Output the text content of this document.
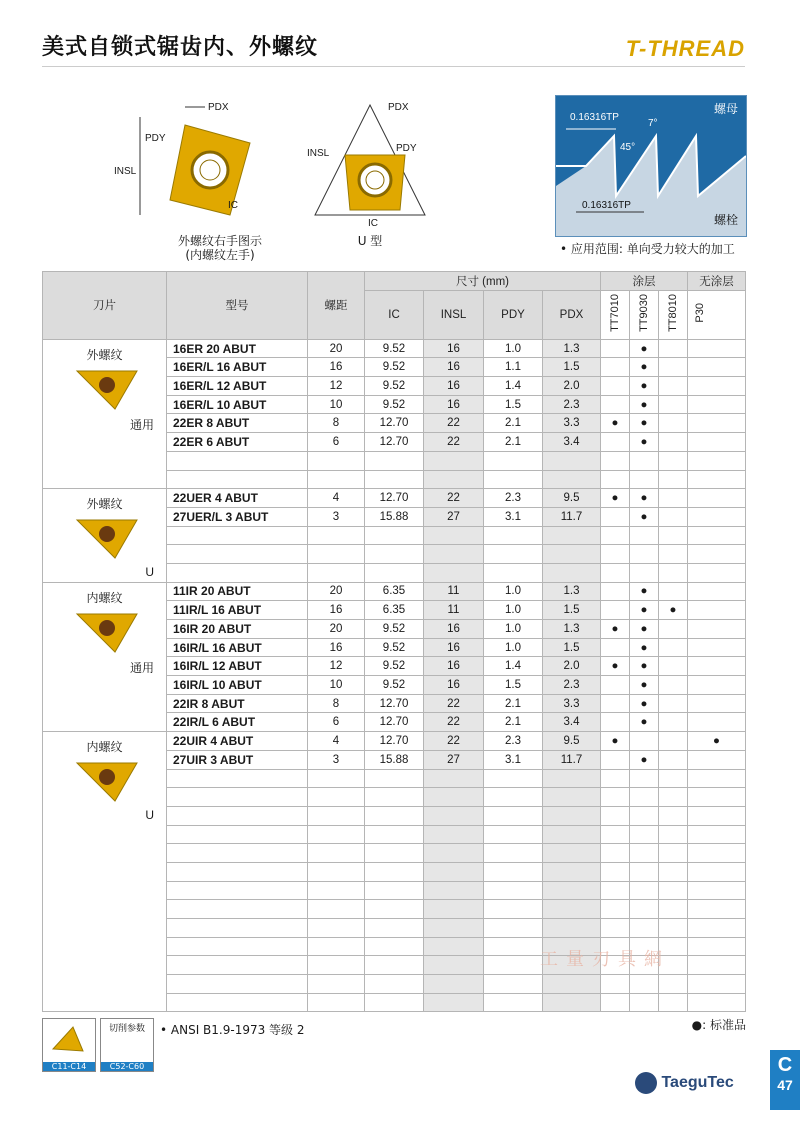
美式自锁式锯齿内、外螺纹	T-THREAD
PDX
PDY
INSL
IC
外螺纹右手图示
(内螺纹左手)
PDX
PDY
INSL
IC
U 型
0.16316TP
7°
45°
0.16316TP
螺母
螺栓
• 应用范围: 单向受力较大的加工
刀片	型号	螺距	尺寸 (mm)				涂层			无涂层
			IC	INSL	PDY	PDX	TT7010	TT9030	TT8010	P30

外螺纹
通用	16ER 20 ABUT	20	9.52	16	1.0	1.3		●		
	16ER/L 16 ABUT	16	9.52	16	1.1	1.5		●		
	16ER/L 12 ABUT	12	9.52	16	1.4	2.0		●		
	16ER/L 10 ABUT	10	9.52	16	1.5	2.3		●		
	22ER 8 ABUT	8	12.70	22	2.1	3.3	●	●		
	22ER 6 ABUT	6	12.70	22	2.1	3.4		●		

外螺纹
U	22UER 4 ABUT	4	12.70	22	2.3	9.5	●	●		
	27UER/L 3 ABUT	3	15.88	27	3.1	11.7		●		

内螺纹
通用	11IR 20 ABUT	20	6.35	11	1.0	1.3		●		
	11IR/L 16 ABUT	16	6.35	11	1.0	1.5		●	●	
	16IR 20 ABUT	20	9.52	16	1.0	1.3	●	●		
	16IR/L 16 ABUT	16	9.52	16	1.0	1.5		●		
	16IR/L 12 ABUT	12	9.52	16	1.4	2.0	●	●		
	16IR/L 10 ABUT	10	9.52	16	1.5	2.3		●		
	22IR 8 ABUT	8	12.70	22	2.1	3.3		●		
	22IR/L 6 ABUT	6	12.70	22	2.1	3.4		●		

内螺纹
U	22UIR 4 ABUT	4	12.70	22	2.3	9.5	●			●
	27UIR 3 ABUT	3	15.88	27	3.1	11.7		●		

C11-C14
切削参数
C52-C60
• ANSI B1.9-1973 等级 2	●: 标准品
工量刃具網
TaeguTec
C
47
